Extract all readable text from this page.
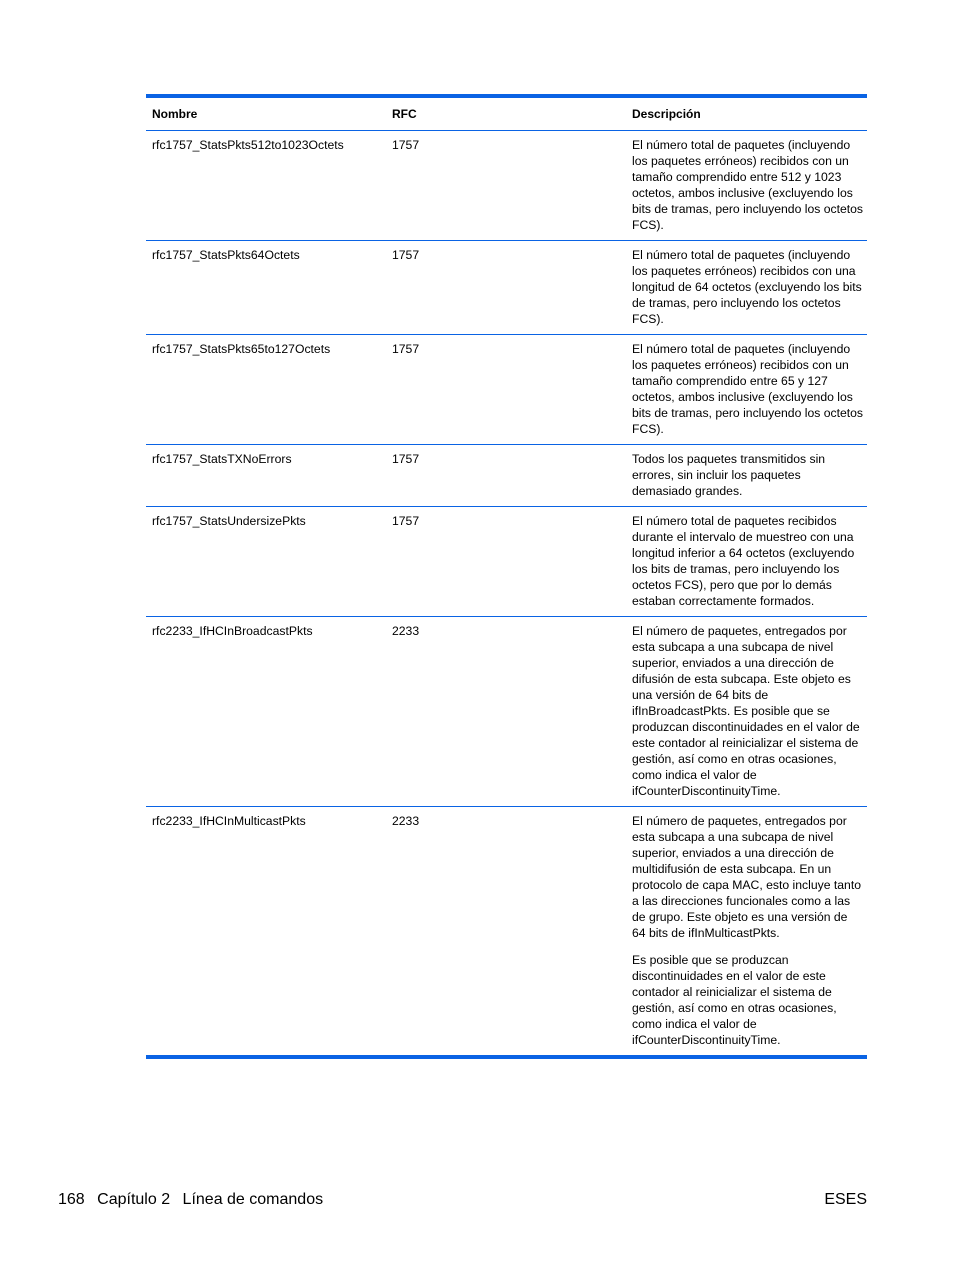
Nombre	RFC	Descripción
rfc1757_StatsPkts512to1023Octets	1757	El número total de paquetes (incluyendo los paquetes erróneos) recibidos con un tamaño comprendido entre 512 y 1023 octetos, ambos inclusive (excluyendo los bits de tramas, pero incluyendo los octetos FCS).

rfc1757_StatsPkts64Octets	1757	El número total de paquetes (incluyendo los paquetes erróneos) recibidos con una longitud de 64 octetos (excluyendo los bits de tramas, pero incluyendo los octetos FCS).

rfc1757_StatsPkts65to127Octets	1757	El número total de paquetes (incluyendo los paquetes erróneos) recibidos con un tamaño comprendido entre 65 y 127 octetos, ambos inclusive (excluyendo los bits de tramas, pero incluyendo los octetos FCS).

rfc1757_StatsTXNoErrors	1757	Todos los paquetes transmitidos sin errores, sin incluir los paquetes demasiado grandes.

rfc1757_StatsUndersizePkts	1757	El número total de paquetes recibidos durante el intervalo de muestreo con una longitud inferior a 64 octetos (excluyendo los bits de tramas, pero incluyendo los octetos FCS), pero que por lo demás estaban correctamente formados.

rfc2233_IfHCInBroadcastPkts	2233	El número de paquetes, entregados por esta subcapa a una subcapa de nivel superior, enviados a una dirección de difusión de esta subcapa. Este objeto es una versión de 64 bits de ifInBroadcastPkts. Es posible que se produzcan discontinuidades en el valor de este contador al reinicializar el sistema de gestión, así como en otras ocasiones, como indica el valor de ifCounterDiscontinuityTime.

rfc2233_IfHCInMulticastPkts	2233	El número de paquetes, entregados por esta subcapa a una subcapa de nivel superior, enviados a una dirección de multidifusión de esta subcapa. En un protocolo de capa MAC, esto incluye tanto a las direcciones funcionales como a las de grupo. Este objeto es una versión de 64 bits de ifInMulticastPkts.

Es posible que se produzcan discontinuidades en el valor de este contador al reinicializar el sistema de gestión, así como en otras ocasiones, como indica el valor de ifCounterDiscontinuityTime.

168 Capítulo 2 Línea de comandos	ESES
